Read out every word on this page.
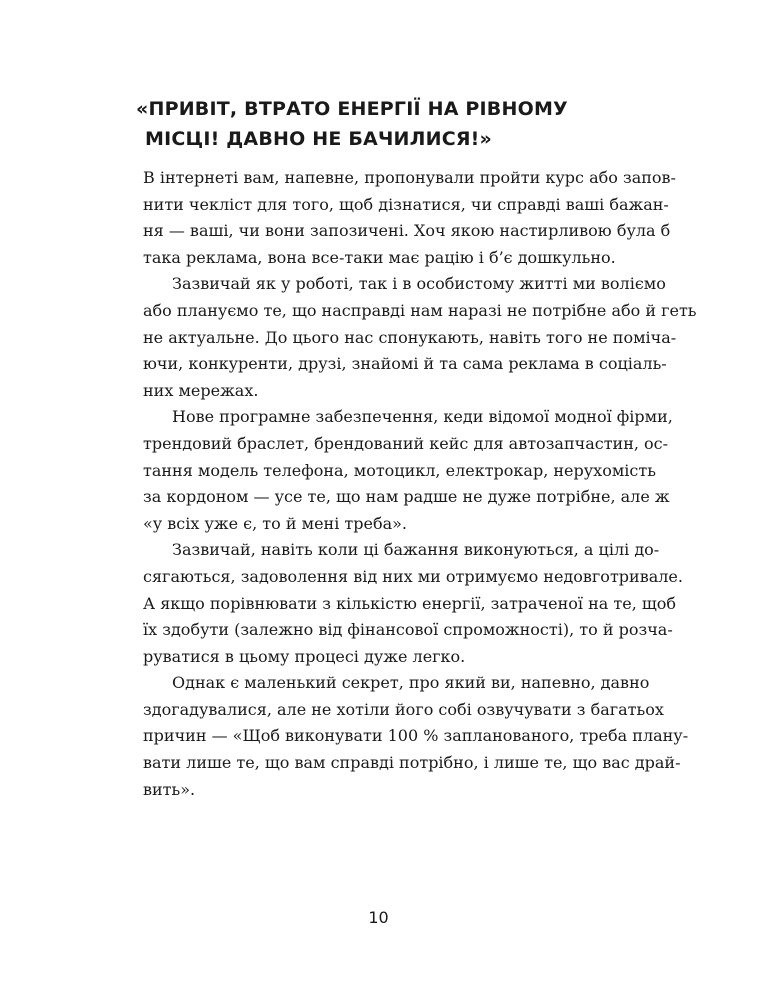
«ПРИВІТ, ВТРАТО ЕНЕРГІЇ НА РІВНОМУ
МІСЦІ! ДАВНО НЕ БАЧИЛИСЯ!»

В інтернеті вам, напевне, пропонували пройти курс або запов-
нити чекліст для того, щоб дізнатися, чи справді ваші бажан-
ня — ваші, чи вони запозичені. Хоч якою настирливою була б
така реклама, вона все-таки має рацію і б’є дошкульно.

Зазвичай як у роботі, так і в особистому житті ми воліємо
або плануємо те, що насправді нам наразі не потрібне або й геть
не актуальне. До цього нас спонукають, навіть того не поміча-
ючи, конкуренти, друзі, знайомі й та сама реклама в соціаль-
них мережах.

Нове програмне забезпечення, кеди відомої модної фірми,
трендовий браслет, брендований кейс для автозапчастин, ос-
тання модель телефона, мотоцикл, електрокар, нерухомість
за кордоном — усе те, що нам радше не дуже потрібне, але ж
«у всіх уже є, то й мені треба».

Зазвичай, навіть коли ці бажання виконуються, а цілі до-
сягаються, задоволення від них ми отримуємо недовготривале.
А якщо порівнювати з кількістю енергії, затраченої на те, щоб
їх здобути (залежно від фінансової спроможності), то й розча-
руватися в цьому процесі дуже легко.

Однак є маленький секрет, про який ви, напевно, давно
здогадувалися, але не хотіли його собі озвучувати з багатьох
причин — «Щоб виконувати 100 % запланованого, треба плану-
вати лише те, що вам справді потрібно, і лише те, що вас драй-
вить».

10
